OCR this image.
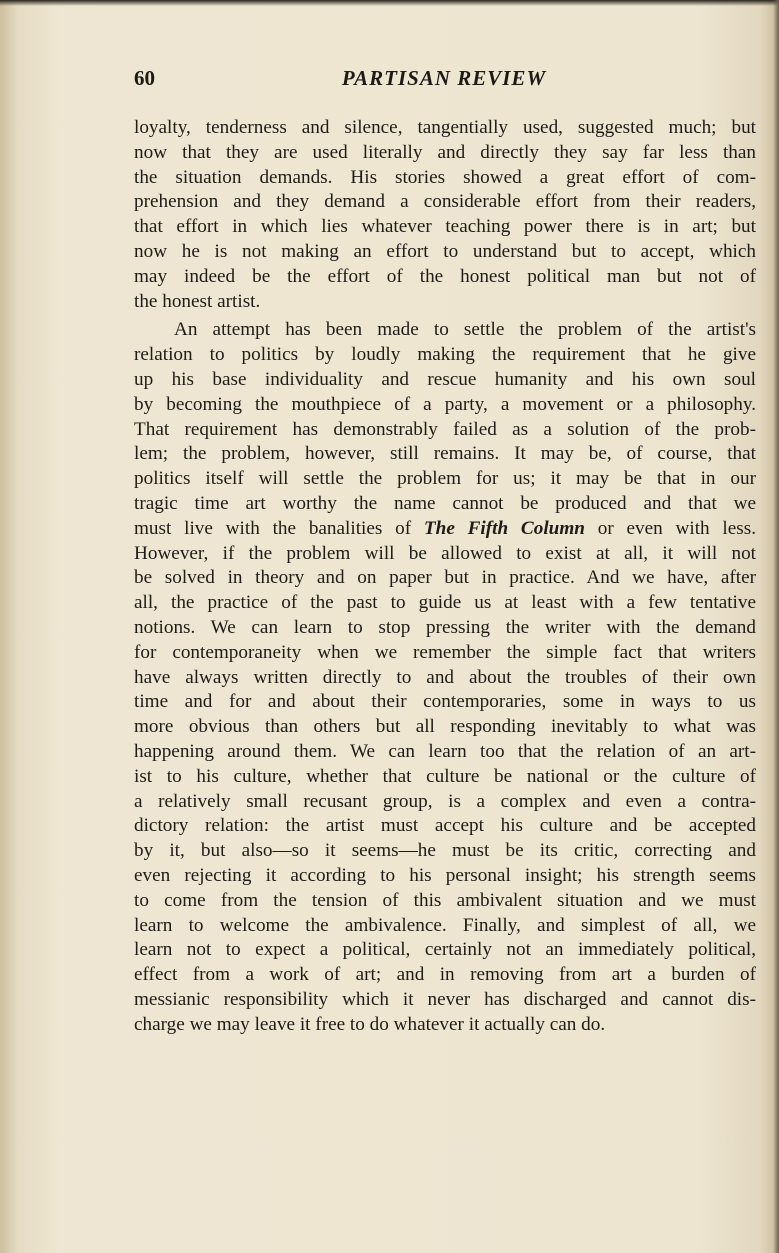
60	PARTISAN REVIEW
loyalty, tenderness and silence, tangentially used, suggested much; but
now that they are used literally and directly they say far less than
the situation demands. His stories showed a great effort of com-
prehension and they demand a considerable effort from their readers,
that effort in which lies whatever teaching power there is in art; but
now he is not making an effort to understand but to accept, which
may indeed be the effort of the honest political man but not of
the honest artist.
An attempt has been made to settle the problem of the artist's
relation to politics by loudly making the requirement that he give
up his base individuality and rescue humanity and his own soul
by becoming the mouthpiece of a party, a movement or a philosophy.
That requirement has demonstrably failed as a solution of the prob-
lem; the problem, however, still remains. It may be, of course, that
politics itself will settle the problem for us; it may be that in our
tragic time art worthy the name cannot be produced and that we
must live with the banalities of The Fifth Column or even with less.
However, if the problem will be allowed to exist at all, it will not
be solved in theory and on paper but in practice. And we have, after
all, the practice of the past to guide us at least with a few tentative
notions. We can learn to stop pressing the writer with the demand
for contemporaneity when we remember the simple fact that writers
have always written directly to and about the troubles of their own
time and for and about their contemporaries, some in ways to us
more obvious than others but all responding inevitably to what was
happening around them. We can learn too that the relation of an art-
ist to his culture, whether that culture be national or the culture of
a relatively small recusant group, is a complex and even a contra-
dictory relation: the artist must accept his culture and be accepted
by it, but also—so it seems—he must be its critic, correcting and
even rejecting it according to his personal insight; his strength seems
to come from the tension of this ambivalent situation and we must
learn to welcome the ambivalence. Finally, and simplest of all, we
learn not to expect a political, certainly not an immediately political,
effect from a work of art; and in removing from art a burden of
messianic responsibility which it never has discharged and cannot dis-
charge we may leave it free to do whatever it actually can do.
